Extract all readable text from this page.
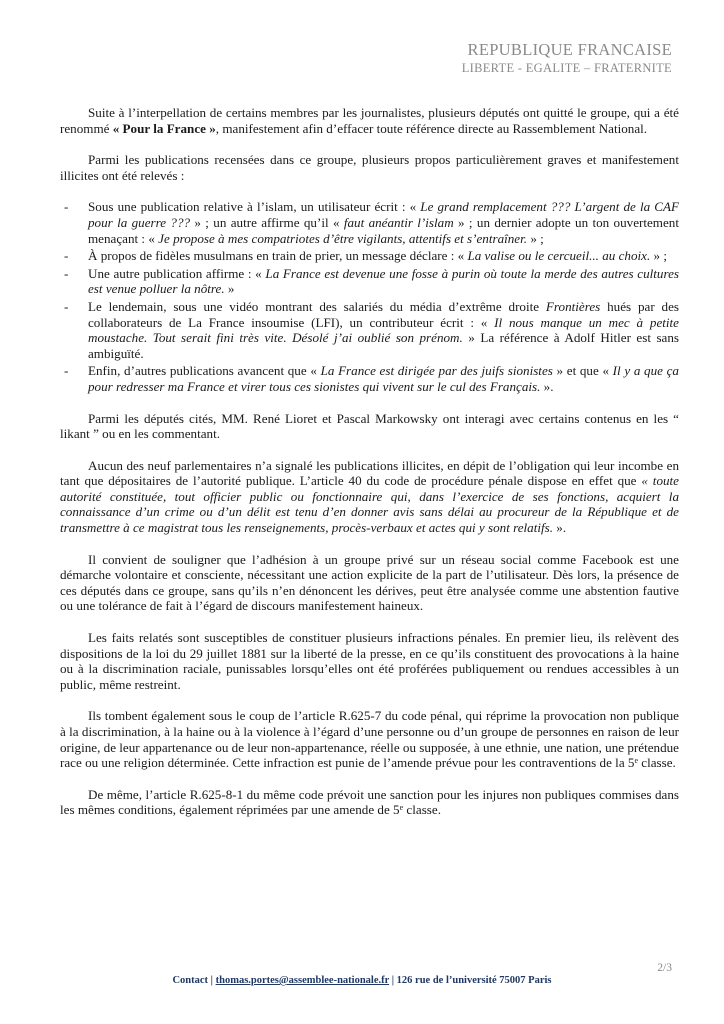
REPUBLIQUE FRANCAISE
LIBERTE - EGALITE – FRATERNITE

Suite à l’interpellation de certains membres par les journalistes, plusieurs députés ont quitté le groupe, qui a été renommé « Pour la France », manifestement afin d’effacer toute référence directe au Rassemblement National.

Parmi les publications recensées dans ce groupe, plusieurs propos particulièrement graves et manifestement illicites ont été relevés :

- Sous une publication relative à l’islam, un utilisateur écrit : « Le grand remplacement ??? L’argent de la CAF pour la guerre ??? » ; un autre affirme qu’il « faut anéantir l’islam » ; un dernier adopte un ton ouvertement menaçant : « Je propose à mes compatriotes d’être vigilants, attentifs et s’entraîner. » ;
- À propos de fidèles musulmans en train de prier, un message déclare : « La valise ou le cercueil... au choix. » ;
- Une autre publication affirme : « La France est devenue une fosse à purin où toute la merde des autres cultures est venue polluer la nôtre. »
- Le lendemain, sous une vidéo montrant des salariés du média d’extrême droite Frontières hués par des collaborateurs de La France insoumise (LFI), un contributeur écrit : « Il nous manque un mec à petite moustache. Tout serait fini très vite. Désolé j’ai oublié son prénom. » La référence à Adolf Hitler est sans ambiguïté.
- Enfin, d’autres publications avancent que « La France est dirigée par des juifs sionistes » et que « Il y a que ça pour redresser ma France et virer tous ces sionistes qui vivent sur le cul des Français. ».

Parmi les députés cités, MM. René Lioret et Pascal Markowsky ont interagi avec certains contenus en les “ likant ” ou en les commentant.

Aucun des neuf parlementaires n’a signalé les publications illicites, en dépit de l’obligation qui leur incombe en tant que dépositaires de l’autorité publique. L’article 40 du code de procédure pénale dispose en effet que « toute autorité constituée, tout officier public ou fonctionnaire qui, dans l’exercice de ses fonctions, acquiert la connaissance d’un crime ou d’un délit est tenu d’en donner avis sans délai au procureur de la République et de transmettre à ce magistrat tous les renseignements, procès-verbaux et actes qui y sont relatifs. ».

Il convient de souligner que l’adhésion à un groupe privé sur un réseau social comme Facebook est une démarche volontaire et consciente, nécessitant une action explicite de la part de l’utilisateur. Dès lors, la présence de ces députés dans ce groupe, sans qu’ils n’en dénoncent les dérives, peut être analysée comme une abstention fautive ou une tolérance de fait à l’égard de discours manifestement haineux.

Les faits relatés sont susceptibles de constituer plusieurs infractions pénales. En premier lieu, ils relèvent des dispositions de la loi du 29 juillet 1881 sur la liberté de la presse, en ce qu’ils constituent des provocations à la haine ou à la discrimination raciale, punissables lorsqu’elles ont été proférées publiquement ou rendues accessibles à un public, même restreint.

Ils tombent également sous le coup de l’article R.625-7 du code pénal, qui réprime la provocation non publique à la discrimination, à la haine ou à la violence à l’égard d’une personne ou d’un groupe de personnes en raison de leur origine, de leur appartenance ou de leur non-appartenance, réelle ou supposée, à une ethnie, une nation, une prétendue race ou une religion déterminée. Cette infraction est punie de l’amende prévue pour les contraventions de la 5e classe.

De même, l’article R.625-8-1 du même code prévoit une sanction pour les injures non publiques commises dans les mêmes conditions, également réprimées par une amende de 5e classe.

2/3
Contact | thomas.portes@assemblee-nationale.fr | 126 rue de l’université 75007 Paris
